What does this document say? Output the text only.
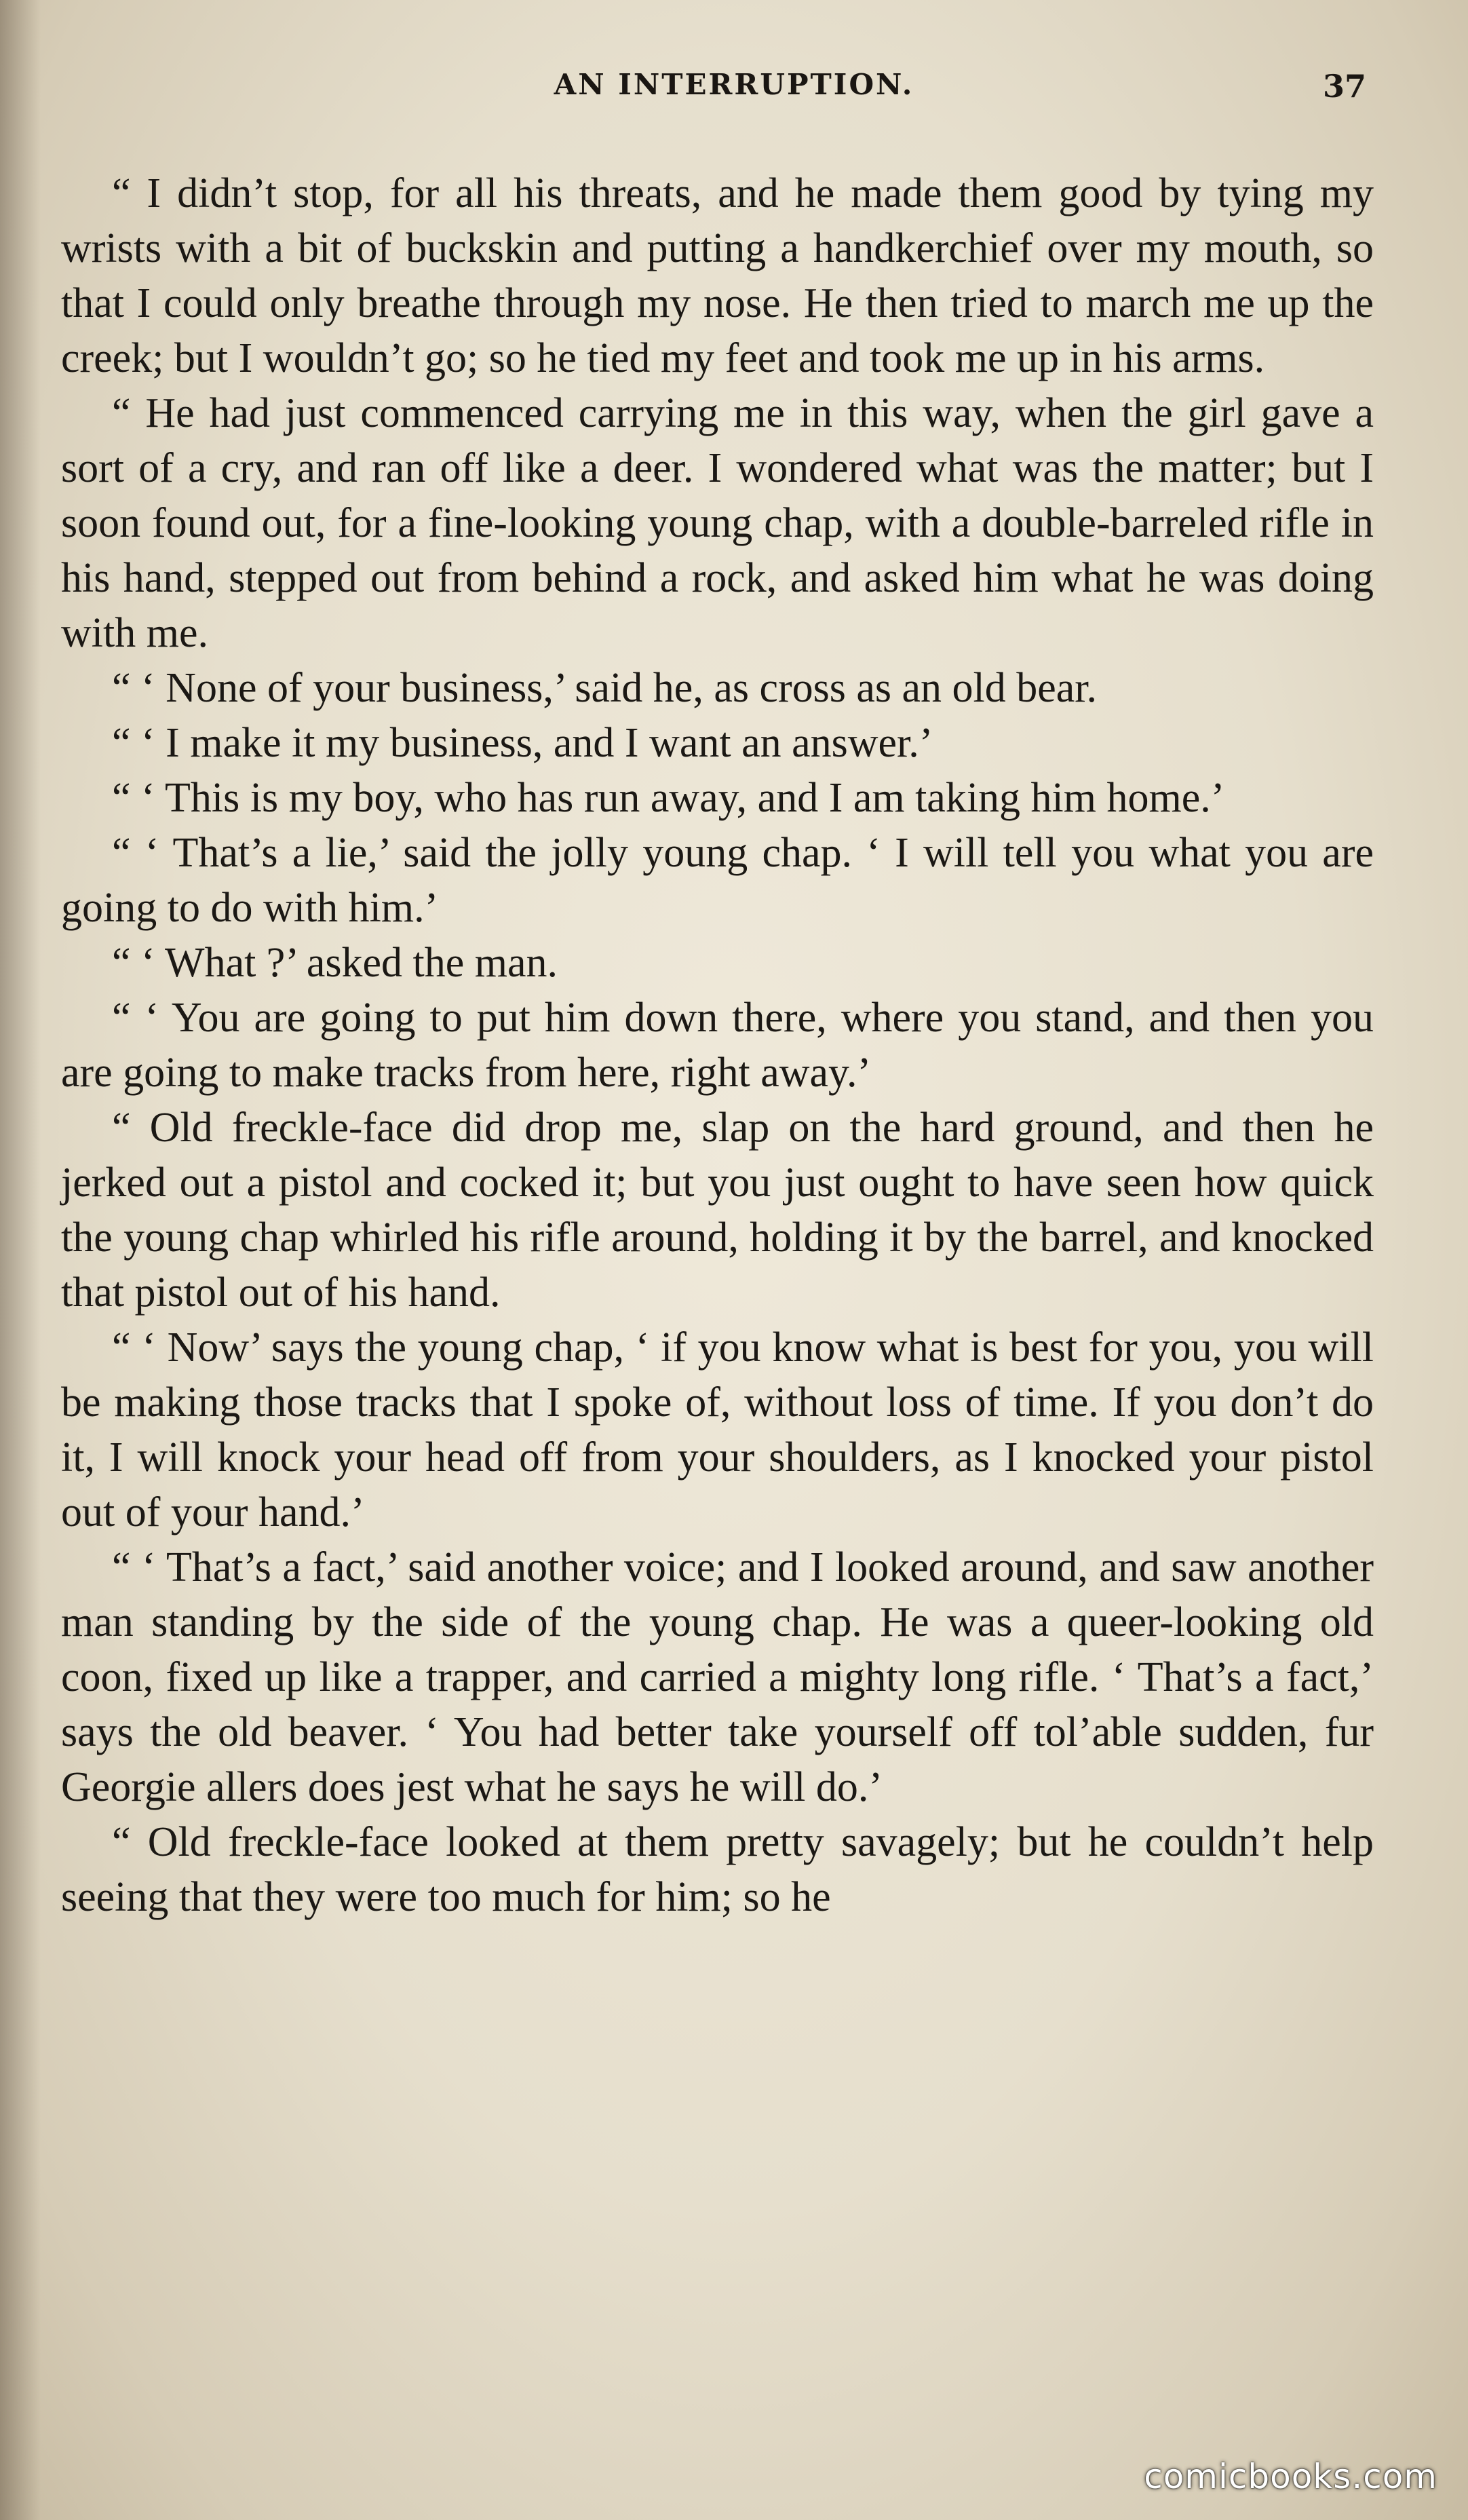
AN INTERRUPTION.	37

“ I didn’t stop, for all his threats, and he made them good by tying my wrists with a bit of buckskin and putting a handkerchief over my mouth, so that I could only breathe through my nose. He then tried to march me up the creek; but I wouldn’t go; so he tied my feet and took me up in his arms.

“ He had just commenced carrying me in this way, when the girl gave a sort of a cry, and ran off like a deer. I wondered what was the matter; but I soon found out, for a fine-looking young chap, with a double-barreled rifle in his hand, stepped out from behind a rock, and asked him what he was doing with me.

“ ‘ None of your business,’ said he, as cross as an old bear.

“ ‘ I make it my business, and I want an answer.’

“ ‘ This is my boy, who has run away, and I am taking him home.’

“ ‘ That’s a lie,’ said the jolly young chap. ‘ I will tell you what you are going to do with him.’

“ ‘ What ?’ asked the man.

“ ‘ You are going to put him down there, where you stand, and then you are going to make tracks from here, right away.’

“ Old freckle-face did drop me, slap on the hard ground, and then he jerked out a pistol and cocked it; but you just ought to have seen how quick the young chap whirled his rifle around, holding it by the barrel, and knocked that pistol out of his hand.

“ ‘ Now’ says the young chap, ‘ if you know what is best for you, you will be making those tracks that I spoke of, without loss of time. If you don’t do it, I will knock your head off from your shoulders, as I knocked your pistol out of your hand.’

“ ‘ That’s a fact,’ said another voice; and I looked around, and saw another man standing by the side of the young chap. He was a queer-looking old coon, fixed up like a trapper, and carried a mighty long rifle. ‘ That’s a fact,’ says the old beaver. ‘ You had better take yourself off tol’able sudden, fur Georgie allers does jest what he says he will do.’

“ Old freckle-face looked at them pretty savagely; but he couldn’t help seeing that they were too much for him; so he

comicbooks.com
